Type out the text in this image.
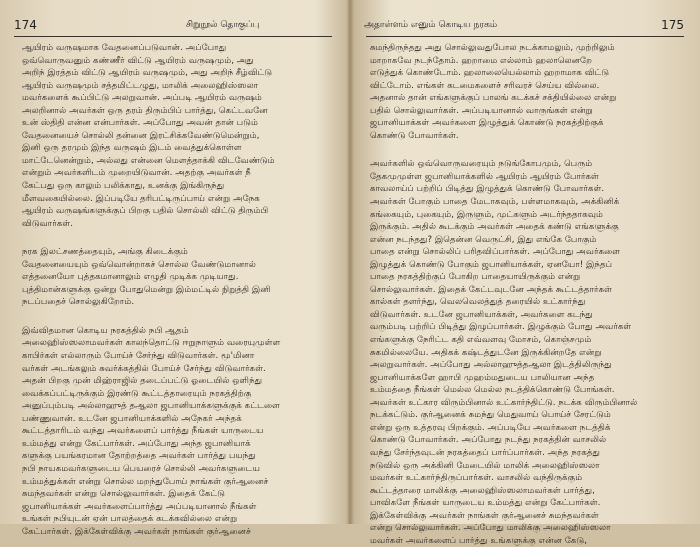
174	சிறுநூல் தொகுப்பு
ஆயிரம் வருஷமாக வேதனைப்படுவான். அப்போது
ஒவ்வொருவனும் கண்ணீர் விட்டு ஆயிரம் வருஷமும், அது
அறிந் இரத்தம் விட்டு ஆயிரம் வருஷமும், அது அறிந் சீழ்விட்டு
ஆயிரம் வருஷமும் சத்தமிட்டழுது, மாலிக் அலைஹிஸ்ஸலா
மவர்களைக் கூப்பிட்டு அலறுவான். அப்படி ஆயிரம் வருஷம்
அலறினால் அவர்கள் ஒரு தரம் திரும்பிப் பார்த்து, கெட்டவனே
உன் ஸ்திதி என்ன என்பார்கள். அப்போது அவன் தான் படும்
வேதனையைச் சொல்லி தன்னை இரட்சிக்கவேண்டுமென்றும்,
இனி ஒரு தரமும் இந்த வருஷம் இடம் வைத்துக்கொள்ள
மாட்டேனென்றும், அல்லது என்னை மௌத்தாக்கி விடவேண்டும்
என்றும் அவர்களிடம் முறையிடுவான். அதற்கு அவர்கள் நீ
கேட்பது ஒரு காலும் பலிக்காது, உனக்கு இங்கிருந்து
மீளவகையில்லை. இப்படியே தரிபட்டிருப்பாய் என்று அநேக
ஆயிரம் வருஷங்களுக்குப் பிறகு பதில் சொல்லி விட்டு திரும்பி
விடுவார்கள்.
நரக இலட்சணத்தையும், அங்கு கிடைக்கும்
வேதனையையும் ஒவ்வொன்றாகச் சொல்ல வேண்டுமானால்
எத்தனையோ புத்தகமானாலும் எழுதி முடிக்க முடியாது.
புத்திமான்களுக்கு ஒன்று போதுமென்று இம்மட்டில் நிறுத்தி இனி
நடப்பதைச் சொல்லுகிறோம்.
இவ்விதமான கொடிய நரகத்தில் நபி ஆதம்
அலைஹிஸ்ஸலாமவர்கள் காலந்தொட்டு ஈறுநாளும் வரையுமுள்ள
காபிர்கள் எல்லாரும் போய்ச் சேர்ந்து விடுவார்கள். மூ'மினா
வர்கள் அடங்கலும் சுவர்க்கத்தில் போய்ச் சேர்ந்து விடுவார்கள்.
அதன் பிறகு முன் மிஹ்ராஜில் தடைப்பட்டு ஓடையில் ஒளிந்து
வைக்கப்பட்டிருக்கும் இரண்டு கூட்டத்தாரையும் நரகத்திற்கு
அனுப்பும்படி அல்லாஹுத் தஆலா ஜபானியாக்களுக்குக் கட்டளை
பண்ணுவான். உடனே ஜபானியாக்களில் அநேகர் அந்தக்
கூட்டத்தாரிடம் வந்து அவர்களைப் பார்த்து நீங்கள் யாருடைய
உம்மத்து என்று கேட்பார்கள். அப்போது அந்த ஜபானியாக்
களுக்கு பயங்கரமான தோற்றத்தை அவர்கள் பார்த்து பயந்து
நபி நாயகமவர்களுடைய பெயரைச் சொல்லி அவர்களுடைய
உம்மத்துக்கள் என்று சொல்ல மறந்துபோய் நாங்கள் குர்ஆனைச்
சுமந்தவர்கள் என்று சொல்லுவார்கள். இதைக் கேட்டு
ஜபானியாக்கள் அவர்களைப்பார்த்து அப்படியானால் நீங்கள்
உங்கள் நபியுடன் ஏன் பாலத்தைக் கடக்கவில்லை என்று
கேட்பார்கள். இக்கேள்விக்கு அவர்கள் நாங்கள் குர்ஆனைச்
அதாள்ளம் எனும் கொடிய நரகம்	175
சுமந்திருந்தது அது சொல்லுவதுபோல நடக்காமலும், முற்றிலும்
மாறாகவே நடந்தோம். ஹறாமை எல்லாம் ஹலாலெனறே
எடுத்துக் கொண்டோம். ஹலாலையெல்லாம் ஹறாமாக விட்டு
விட்டோம். எங்கள் கடமைகளைச் சரிவரச் செய்ய வில்லை.
அதனால் தான் எங்களுக்குப் பாலங் கடக்கச் சக்தியில்லை என்று
பதில் சொல்லுவார்கள். அப்படியானால் வாருங்கள் என்று
ஜபானியாக்கள் அவர்களை இழுத்துக் கொண்டு நரகத்திற்குக்
கொண்டு போவார்கள்.
அவர்களில் ஒவ்வொருவரையும் நடுங்கோபமும், பெரும்
தேகமுமுள்ள ஜபானியாக்களில் ஆயிரம் ஆயிரம் போர்கள்
காவலாய்ப் பற்றிப் பிடித்து இழுத்துக் கொண்டு போவார்கள்.
அவர்கள் போகும் பாதை மேடாகவும், பள்ளமாகவும், அக்கினிக்
கங்கையும், புகையும், இருளும், முட்களும் அடர்ந்ததாகவும்
இருக்கும். அதில் கூடக்கும் அவர்கள் அதைக் கண்டு எங்களுக்கு
என்ன நடந்தது? இதென்ன வெருட்சி, இது எங்கே போகும்
பாதை என்று சொல்லிப் பரிதவிப்பார்கள். அப்போது அவர்களை
இழுத்துக் கொண்டு போகும் ஜபானியாக்கள், ஏனயோ! இந்தப்
பாதை நரகத்திற்குப் போகிற பாதையாயிருக்கும் என்று
சொல்லுவார்கள். இதைக் கேட்டவுடனே அந்தக் கூட்டத்தார்கள்
கால்கள் தளர்ந்து, வெலவெலத்துத் தரையில் உட்கார்ந்து
விடுவார்கள். உடனே ஜபானியாக்கள், அவர்களை கடந்து
வரும்படி பற்றிப் பிடித்து இழுப்பார்கள். இழுக்கும் போது அவர்கள்
எங்களுக்கு நேரிட்ட கதி எவ்வளவு மோசம், கொஞ்சமும்
சுகமில்லையே. அதிகக் கஷ்டத்துடனே இருக்கின்றதே என்று
அலறுவார்கள். அப்போது அல்லாஹுத்தஆலா இடத்திலிருந்து
ஜபானியாக்களே ஹாபி முஹம்மதுடைய பாலியான அந்த
உம்மத்தை நீங்கள் மெல்ல மெல்ல நடத்திக்கொண்டு போங்கள்.
அவர்கள் உட்கார விரும்பினால் உட்கார்ந்திட்டு. நடக்க விரும்பினால்
நடக்கட்டும். குர்ஆனைக் சுமந்து மெதுவாய் பொய்ச் சேரட்டும்
என்று ஒரு உத்தரவு பிறக்கும். அப்படியே அவர்களை நடத்திக்
கொண்டு போவார்கள். அப்போது நடந்து நரகத்தின் வாசலில்
வந்து சேர்ந்தவுடன் நரகத்தைப் பார்ப்பார்கள். அந்த நரகத்து
நடுவில் ஒரு அக்கினி மேடையில் மாலிக் அலைஹிஸ்ஸலா
மவர்கள் உட்கார்ந்திருப்பார்கள். வாசலில் வந்திருக்கும்
கூட்டத்தாரை மாலிக்கு அலைஹிஸ்ஸலாமவர்கள் பார்த்து,
பாவிகளே நீங்கள் யாருடைய உம்மத்து என்று கேட்பார்கள்.
இக்கேள்விக்கு அவர்கள் நாங்கள் குர்ஆனைச் சுமந்தவர்கள்
என்று சொல்லுவார்கள். அப்போது மாலிக்கு அலைஹிஸ்ஸலா
மவர்கள் அவர்களைப் பார்த்து உங்களுக்கு என்ன கேடு,
